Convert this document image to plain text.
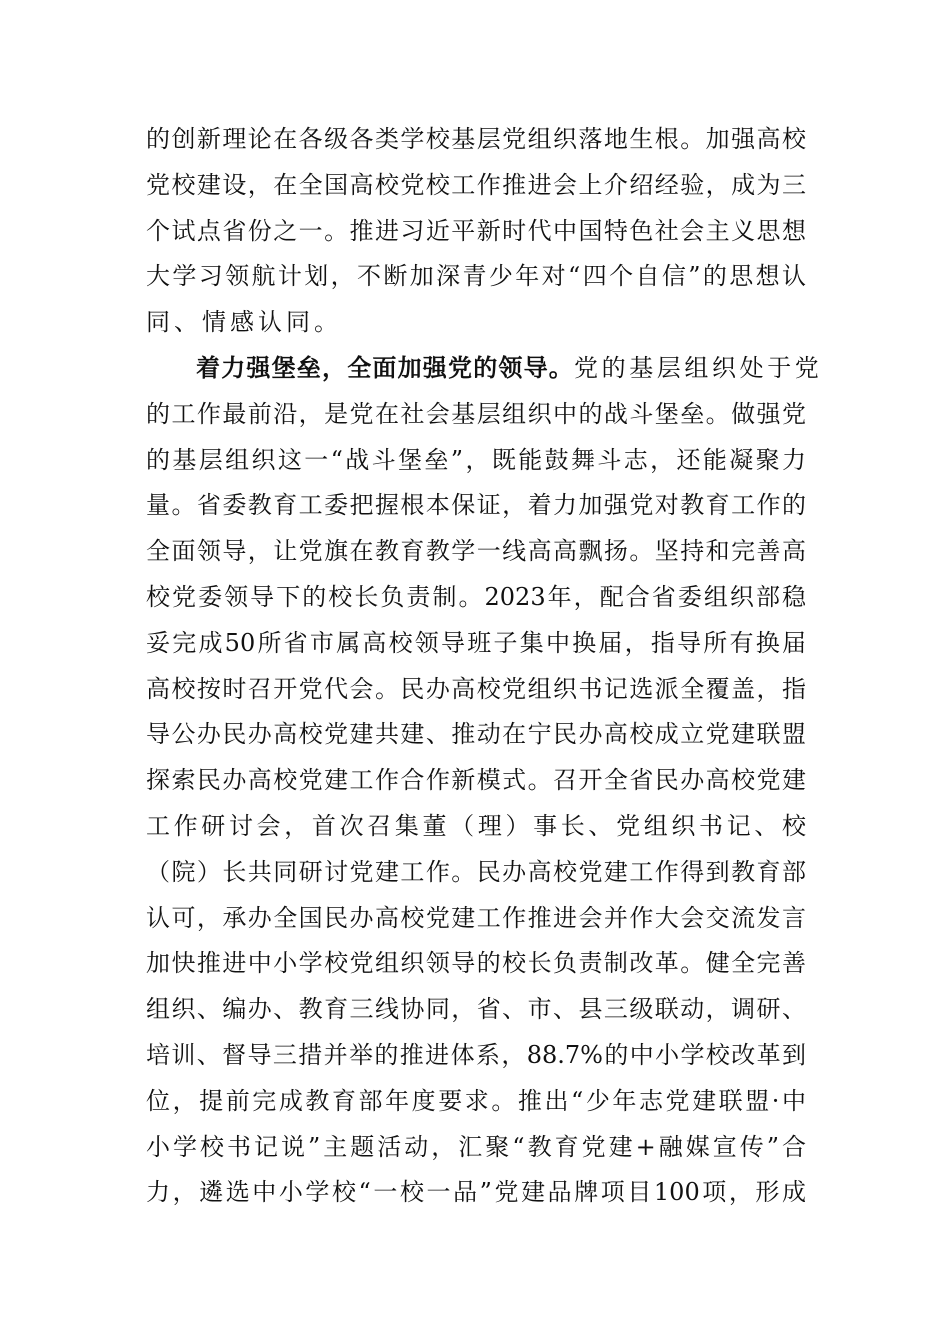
的创新理论在各级各类学校基层党组织落地生根。加强高校
党校建设，在全国高校党校工作推进会上介绍经验，成为三
个试点省份之一。推进习近平新时代中国特色社会主义思想
大学习领航计划，不断加深青少年对“四个自信”的思想认
同、情感认同。
着力强堡垒，全面加强党的领导。党的基层组织处于党
的工作最前沿，是党在社会基层组织中的战斗堡垒。做强党
的基层组织这一“战斗堡垒”，既能鼓舞斗志，还能凝聚力
量。省委教育工委把握根本保证，着力加强党对教育工作的
全面领导，让党旗在教育教学一线高高飘扬。坚持和完善高
校党委领导下的校长负责制。2023年，配合省委组织部稳
妥完成50所省市属高校领导班子集中换届，指导所有换届
高校按时召开党代会。民办高校党组织书记选派全覆盖，指
导公办民办高校党建共建、推动在宁民办高校成立党建联盟
探索民办高校党建工作合作新模式。召开全省民办高校党建
工作研讨会，首次召集董（理）事长、党组织书记、校
（院）长共同研讨党建工作。民办高校党建工作得到教育部
认可，承办全国民办高校党建工作推进会并作大会交流发言
加快推进中小学校党组织领导的校长负责制改革。健全完善
组织、编办、教育三线协同，省、市、县三级联动，调研、
培训、督导三措并举的推进体系，88.7%的中小学校改革到
位，提前完成教育部年度要求。推出“少年志党建联盟·中
小学校书记说”主题活动，汇聚“教育党建+融媒宣传”合
力，遴选中小学校“一校一品”党建品牌项目100项，形成
